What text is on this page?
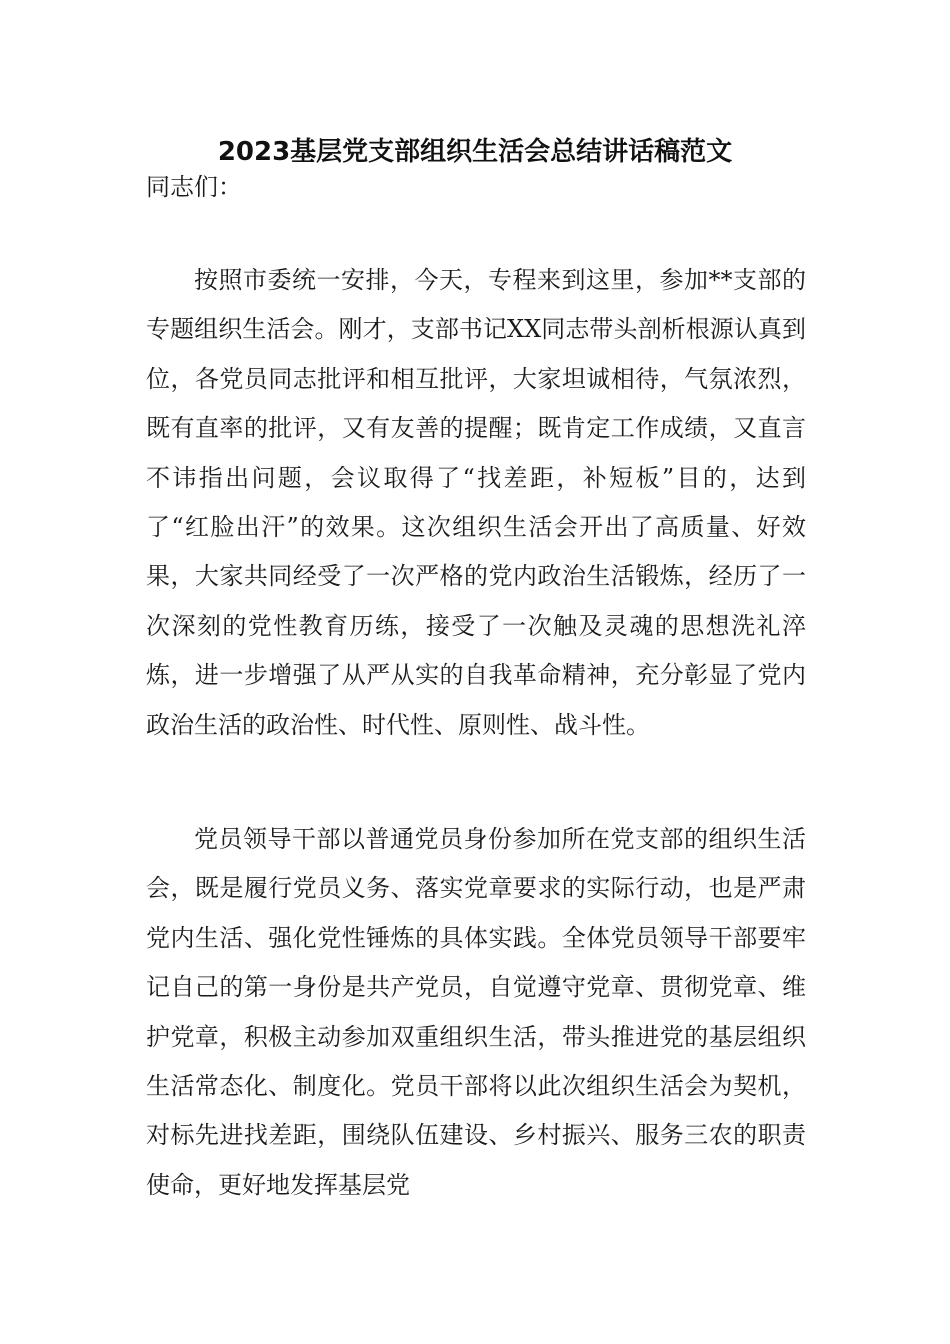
2023基层党支部组织生活会总结讲话稿范文

同志们：

按照市委统一安排，今天，专程来到这里，参加**支部的专题组织生活会。刚才，支部书记XX同志带头剖析根源认真到位，各党员同志批评和相互批评，大家坦诚相待，气氛浓烈，既有直率的批评，又有友善的提醒；既肯定工作成绩，又直言不讳指出问题，会议取得了“找差距，补短板”目的，达到了“红脸出汗”的效果。这次组织生活会开出了高质量、好效果，大家共同经受了一次严格的党内政治生活锻炼，经历了一次深刻的党性教育历练，接受了一次触及灵魂的思想洗礼淬炼，进一步增强了从严从实的自我革命精神，充分彰显了党内政治生活的政治性、时代性、原则性、战斗性。

党员领导干部以普通党员身份参加所在党支部的组织生活会，既是履行党员义务、落实党章要求的实际行动，也是严肃党内生活、强化党性锤炼的具体实践。全体党员领导干部要牢记自己的第一身份是共产党员，自觉遵守党章、贯彻党章、维护党章，积极主动参加双重组织生活，带头推进党的基层组织生活常态化、制度化。党员干部将以此次组织生活会为契机，对标先进找差距，围绕队伍建设、乡村振兴、服务三农的职责使命，更好地发挥基层党
